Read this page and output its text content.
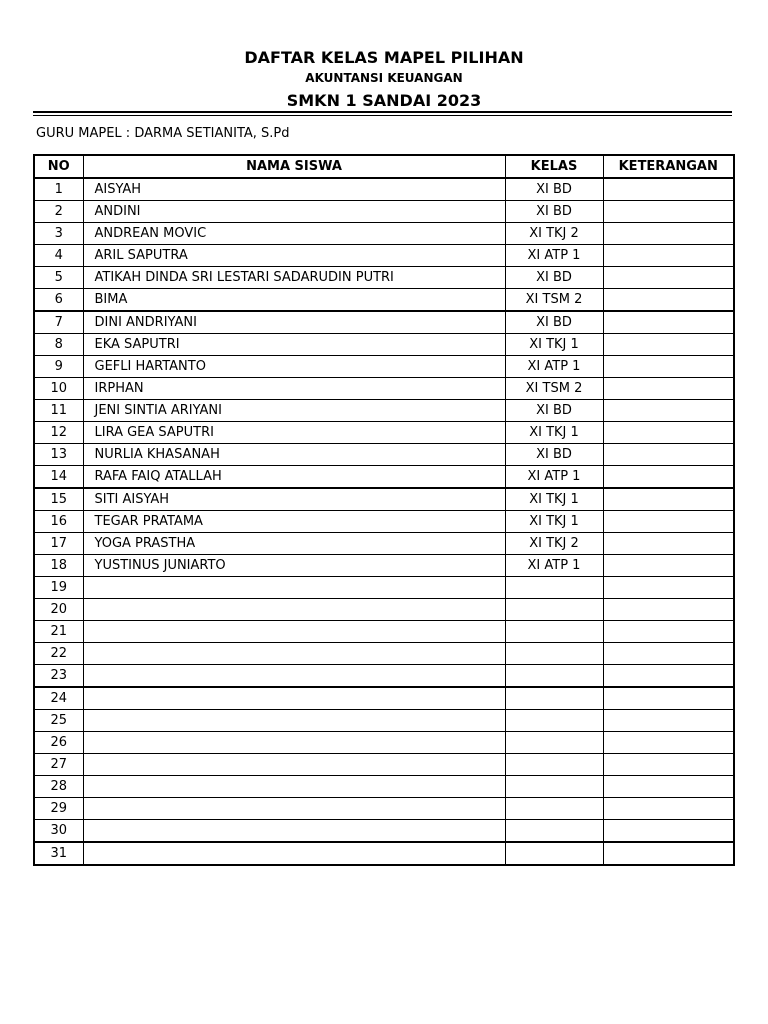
DAFTAR KELAS MAPEL PILIHAN
AKUNTANSI KEUANGAN
SMKN 1 SANDAI 2023
GURU MAPEL : DARMA SETIANITA, S.Pd
NO	NAMA SISWA	KELAS	KETERANGAN
1	AISYAH	XI BD	
2	ANDINI	XI BD	
3	ANDREAN MOVIC	XI TKJ 2	
4	ARIL SAPUTRA	XI ATP 1	
5	ATIKAH DINDA SRI LESTARI SADARUDIN PUTRI	XI BD	
6	BIMA	XI TSM 2	
7	DINI ANDRIYANI	XI BD	
8	EKA SAPUTRI	XI TKJ 1	
9	GEFLI HARTANTO	XI ATP 1	
10	IRPHAN	XI TSM 2	
11	JENI SINTIA ARIYANI	XI BD	
12	LIRA GEA SAPUTRI	XI TKJ 1	
13	NURLIA KHASANAH	XI BD	
14	RAFA FAIQ ATALLAH	XI ATP 1	
15	SITI AISYAH	XI TKJ 1	
16	TEGAR PRATAMA	XI TKJ 1	
17	YOGA PRASTHA	XI TKJ 2	
18	YUSTINUS JUNIARTO	XI ATP 1	
19			
20			
21			
22			
23			
24			
25			
26			
27			
28			
29			
30			
31			
